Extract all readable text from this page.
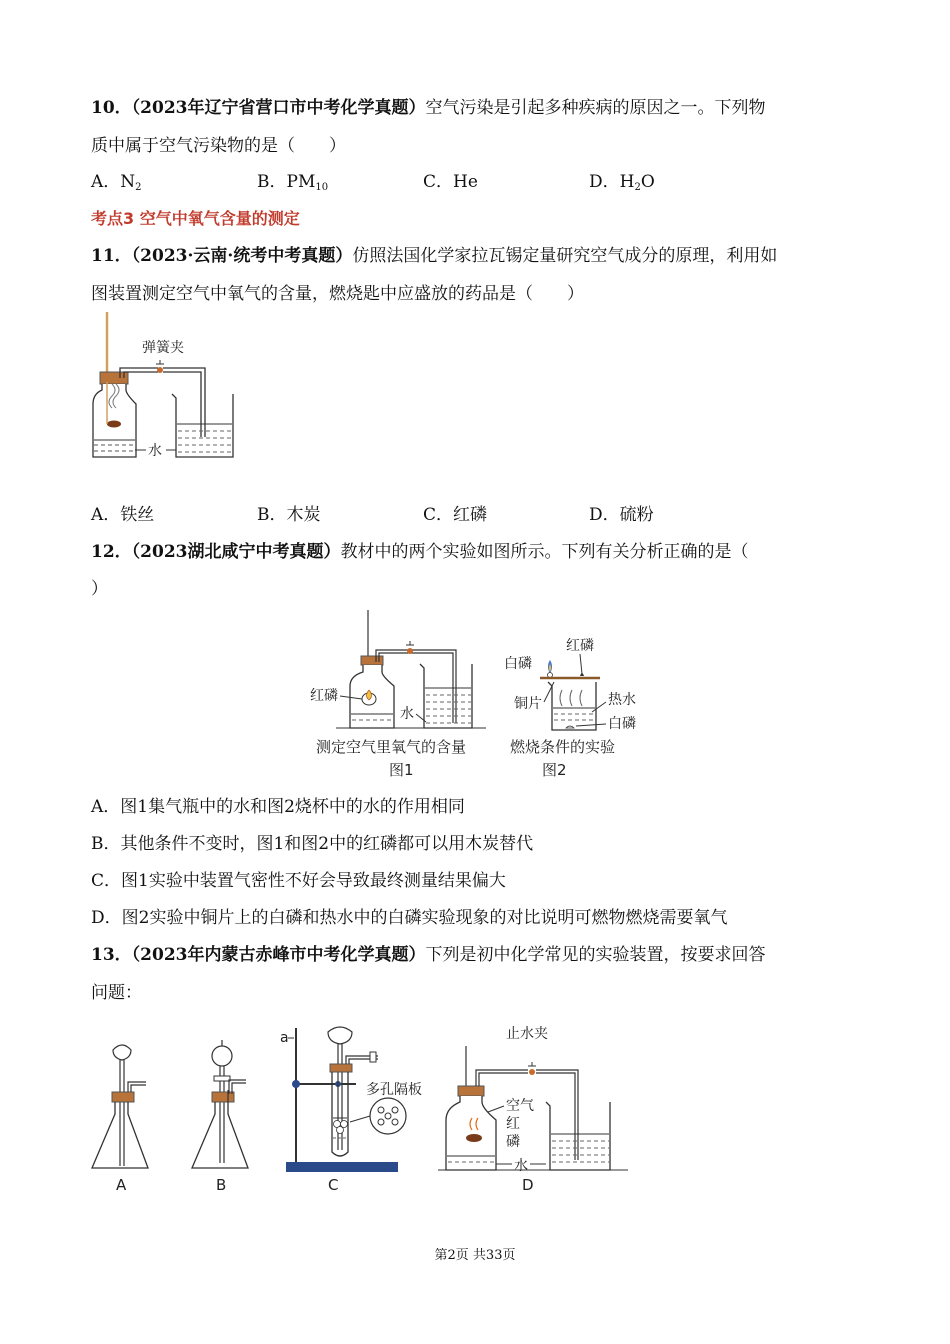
10．（2023年辽宁省营口市中考化学真题）空气污染是引起多种疾病的原因之一。下列物
质中属于空气污染物的是（　　）
A．$N_2$	B．$PM_{10}$	C．He	D．$H_2O$
考点3 空气中氧气含量的测定
11．（2023·云南·统考中考真题）仿照法国化学家拉瓦锡定量研究空气成分的原理，利用如
图装置测定空气中氧气的含量，燃烧匙中应盛放的药品是（　　）
弹簧夹
水
A．铁丝	B．木炭	C．红磷	D．硫粉
12．（2023湖北咸宁中考真题）教材中的两个实验如图所示。下列有关分析正确的是（
）
红磷
水
测定空气里氧气的含量
图1
红磷
白磷
铜片	热水
白磷
燃烧条件的实验
图2
A．图1集气瓶中的水和图2烧杯中的水的作用相同
B．其他条件不变时，图1和图2中的红磷都可以用木炭替代
C．图1实验中装置气密性不好会导致最终测量结果偏大
D．图2实验中铜片上的白磷和热水中的白磷实验现象的对比说明可燃物燃烧需要氧气
13．（2023年内蒙古赤峰市中考化学真题）下列是初中化学常见的实验装置，按要求回答
问题：
A	B
a
多孔隔板
C
止水夹
空气
红
磷
水
D
第2页 共33页
